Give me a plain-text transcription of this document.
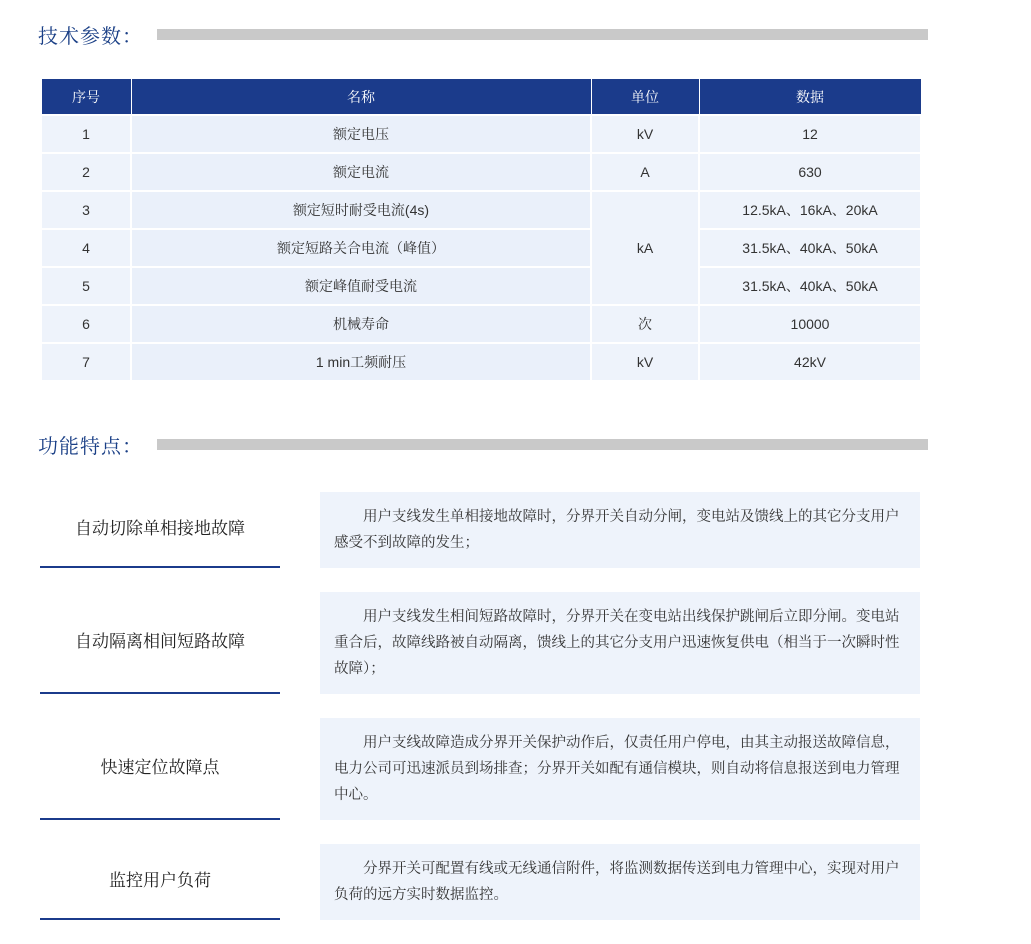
技术参数：
序号	名称	单位	数据
1	额定电压	kV	12
2	额定电流	A	630
3	额定短时耐受电流(4s)	kA	12.5kA、16kA、20kA
4	额定短路关合电流（峰值）		31.5kA、40kA、50kA
5	额定峰值耐受电流		31.5kA、40kA、50kA
6	机械寿命	次	10000
7	1 min工频耐压	kV	42kV
功能特点：
自动切除单相接地故障
用户支线发生单相接地故障时，分界开关自动分闸，变电站及馈线上的其它分支用户感受不到故障的发生；
自动隔离相间短路故障
用户支线发生相间短路故障时，分界开关在变电站出线保护跳闸后立即分闸。变电站重合后，故障线路被自动隔离，馈线上的其它分支用户迅速恢复供电（相当于一次瞬时性故障）；
快速定位故障点
用户支线故障造成分界开关保护动作后，仅责任用户停电，由其主动报送故障信息，电力公司可迅速派员到场排查；分界开关如配有通信模块，则自动将信息报送到电力管理中心。
监控用户负荷
分界开关可配置有线或无线通信附件，将监测数据传送到电力管理中心，实现对用户负荷的远方实时数据监控。
